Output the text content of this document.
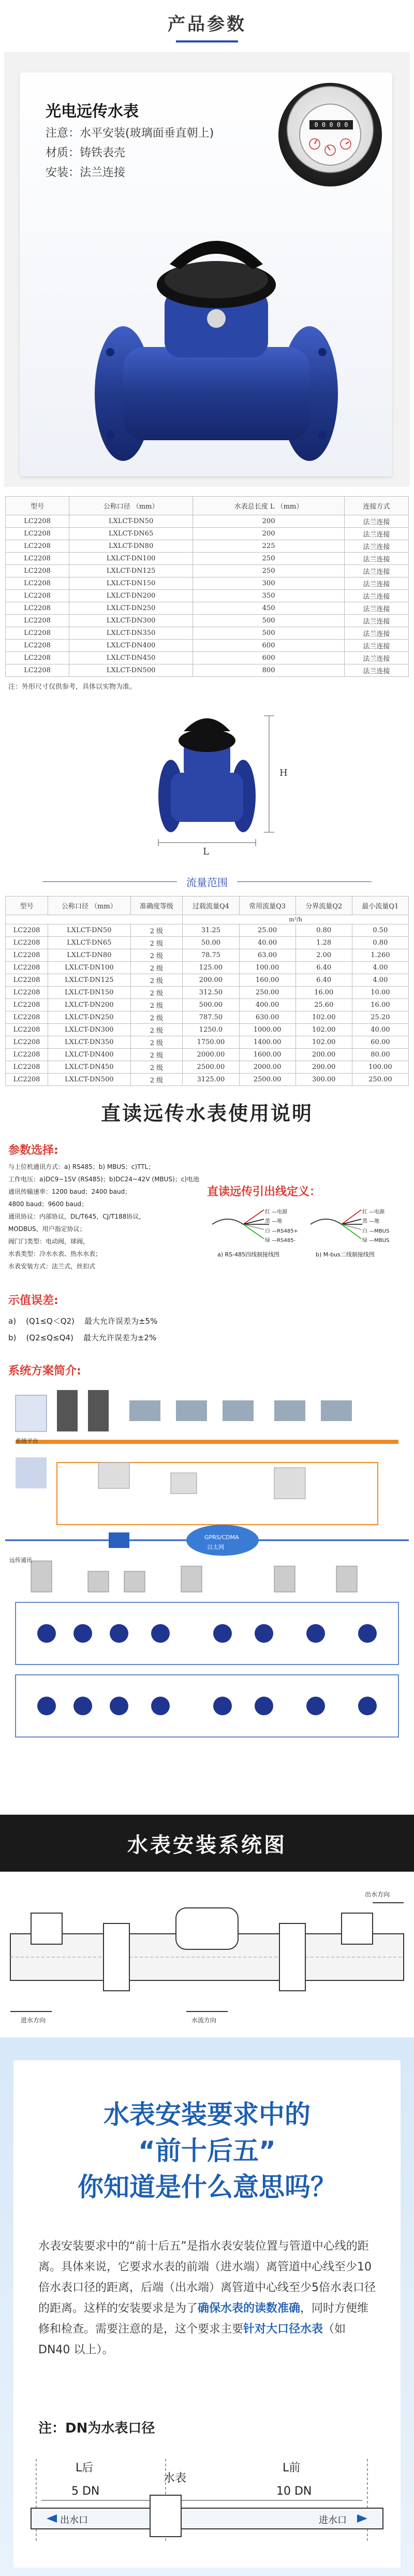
产品参数
光电远传水表
注意：水平安装(玻璃面垂直朝上)
材质：铸铁表壳
安装：法兰连接
0 0 0 0 0
型号	公称口径 （mm）	水表总长度 L （mm）	连接方式
LC2208	LXLCT-DN50	200	法兰连接
LC2208	LXLCT-DN65	200	法兰连接
LC2208	LXLCT-DN80	225	法兰连接
LC2208	LXLCT-DN100	250	法兰连接
LC2208	LXLCT-DN125	250	法兰连接
LC2208	LXLCT-DN150	300	法兰连接
LC2208	LXLCT-DN200	350	法兰连接
LC2208	LXLCT-DN250	450	法兰连接
LC2208	LXLCT-DN300	500	法兰连接
LC2208	LXLCT-DN350	500	法兰连接
LC2208	LXLCT-DN400	600	法兰连接
LC2208	LXLCT-DN450	600	法兰连接
LC2208	LXLCT-DN500	800	法兰连接
注：外形尺寸仅供参考，具体以实物为准。
H
L
流量范围
型号	公称口径 （mm）	准确度等级	过载流量Q4	常用流量Q3	分界流量Q2	最小流量Q1
			m³/h			
LC2208	LXLCT-DN50	2 级	31.25	25.00	0.80	0.50
LC2208	LXLCT-DN65	2 级	50.00	40.00	1.28	0.80
LC2208	LXLCT-DN80	2 级	78.75	63.00	2.00	1.260
LC2208	LXLCT-DN100	2 级	125.00	100.00	6.40	4.00
LC2208	LXLCT-DN125	2 级	200.00	160.00	6.40	4.00
LC2208	LXLCT-DN150	2 级	312.50	250.00	16.00	10.00
LC2208	LXLCT-DN200	2 级	500.00	400.00	25.60	16.00
LC2208	LXLCT-DN250	2 级	787.50	630.00	102.00	25.20
LC2208	LXLCT-DN300	2 级	1250.0	1000.00	102.00	40.00
LC2208	LXLCT-DN350	2 级	1750.00	1400.00	102.00	60.00
LC2208	LXLCT-DN400	2 级	2000.00	1600.00	200.00	80.00
LC2208	LXLCT-DN450	2 级	2500.00	2000.00	200.00	100.00
LC2208	LXLCT-DN500	2 级	3125.00	2500.00	300.00	250.00
直读远传水表使用说明
参数选择:
与上位机通讯方式：a) RS485；b) MBUS；c)TTL；
工作电压：a)DC9~15V (RS485)；b)DC24~42V (MBUS)；c)电池
通讯传输速率：1200 baud；2400 baud；
4800 baud；9600 baud；
通讯协议：内部协议，DL/T645，CJ/T188协议，
MODBUS，用户指定协议；
阀门门类型：电动阀，球阀，
水表类型：冷水水表、热水水表；
水表安装方式：法兰式，丝扣式
直读远传引出线定义：
红 —电源
黑 —地
白 —RS485+
绿 —RS485-
红 —电源
黑 —地
白 —MBUS
绿 —MBUS
a) RS-485四线制接线图	b) M-bus二线制接线图
示值误差:
a)    (Q1≤Q＜Q2)    最大允许误差为±5%
b)    (Q2≤Q≤Q4)    最大允许误差为±2%
系统方案简介:
系统平台
远传通讯
GPRS/CDMA
以太网
水表安装系统图
出水方向
进水方向	水流方向
水表安装要求中的
“前十后五”
你知道是什么意思吗？
水表安装要求中的“前十后五”是指水表安装位置与管道中心线的距离。具体来说，它要求水表的前端（进水端）离管道中心线至少10倍水表口径的距离，后端（出水端）离管道中心线至少5倍水表口径的距离。这样的安装要求是为了确保水表的读数准确，同时方便维修和检查。需要注意的是，这个要求主要针对大口径水表（如 DN40 以上）。
注：DN为水表口径
L后
5 DN
水表
L前
10 DN
出水口	进水口
